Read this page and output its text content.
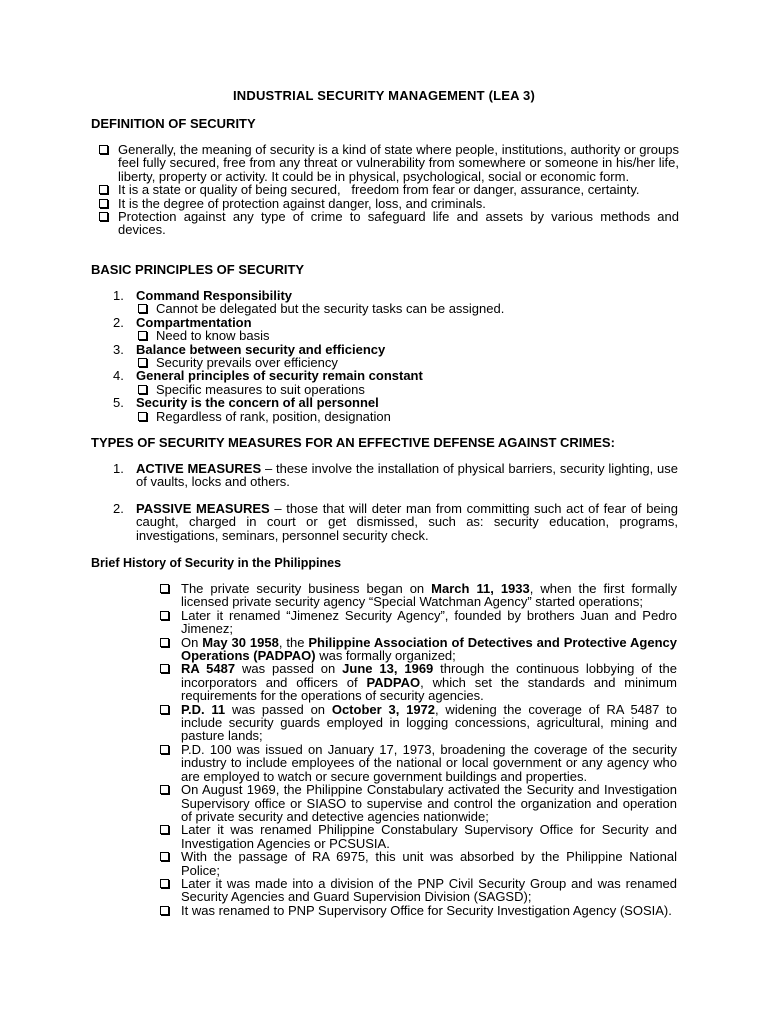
INDUSTRIAL SECURITY MANAGEMENT (LEA 3)
DEFINITION OF SECURITY
Generally, the meaning of security is a kind of state where people, institutions, authority or groups feel fully secured, free from any threat or vulnerability from somewhere or someone in his/her life, liberty, property or activity. It could be in physical, psychological, social or economic form.
It is a state or quality of being secured,   freedom from fear or danger, assurance, certainty.
It is the degree of protection against danger, loss, and criminals.
Protection against any type of crime to safeguard life and assets by various methods and devices.
BASIC PRINCIPLES OF SECURITY
1. Command Responsibility
Cannot be delegated but the security tasks can be assigned.
2. Compartmentation
Need to know basis
3. Balance between security and efficiency
Security prevails over efficiency
4. General principles of security remain constant
Specific measures to suit operations
5. Security is the concern of all personnel
Regardless of rank, position, designation
TYPES OF SECURITY MEASURES FOR AN EFFECTIVE DEFENSE AGAINST CRIMES:
1. ACTIVE MEASURES – these involve the installation of physical barriers, security lighting, use of vaults, locks and others.
2. PASSIVE MEASURES – those that will deter man from committing such act of fear of being caught, charged in court or get dismissed, such as: security education, programs, investigations, seminars, personnel security check.
Brief History of Security in the Philippines
The private security business began on March 11, 1933, when the first formally licensed private security agency “Special Watchman Agency” started operations;
Later it renamed “Jimenez Security Agency”, founded by brothers Juan and Pedro Jimenez;
On May 30 1958, the Philippine Association of Detectives and Protective Agency Operations (PADPAO) was formally organized;
RA 5487 was passed on June 13, 1969 through the continuous lobbying of the incorporators and officers of PADPAO, which set the standards and minimum requirements for the operations of security agencies.
P.D. 11 was passed on October 3, 1972, widening the coverage of RA 5487 to include security guards employed in logging concessions, agricultural, mining and pasture lands;
P.D. 100 was issued on January 17, 1973, broadening the coverage of the security industry to include employees of the national or local government or any agency who are employed to watch or secure government buildings and properties.
On August 1969, the Philippine Constabulary activated the Security and Investigation Supervisory office or SIASO to supervise and control the organization and operation of private security and detective agencies nationwide;
Later it was renamed Philippine Constabulary Supervisory Office for Security and Investigation Agencies or PCSUSIA.
With the passage of RA 6975, this unit was absorbed by the Philippine National Police;
Later it was made into a division of the PNP Civil Security Group and was renamed Security Agencies and Guard Supervision Division (SAGSD);
It was renamed to PNP Supervisory Office for Security Investigation Agency (SOSIA).
